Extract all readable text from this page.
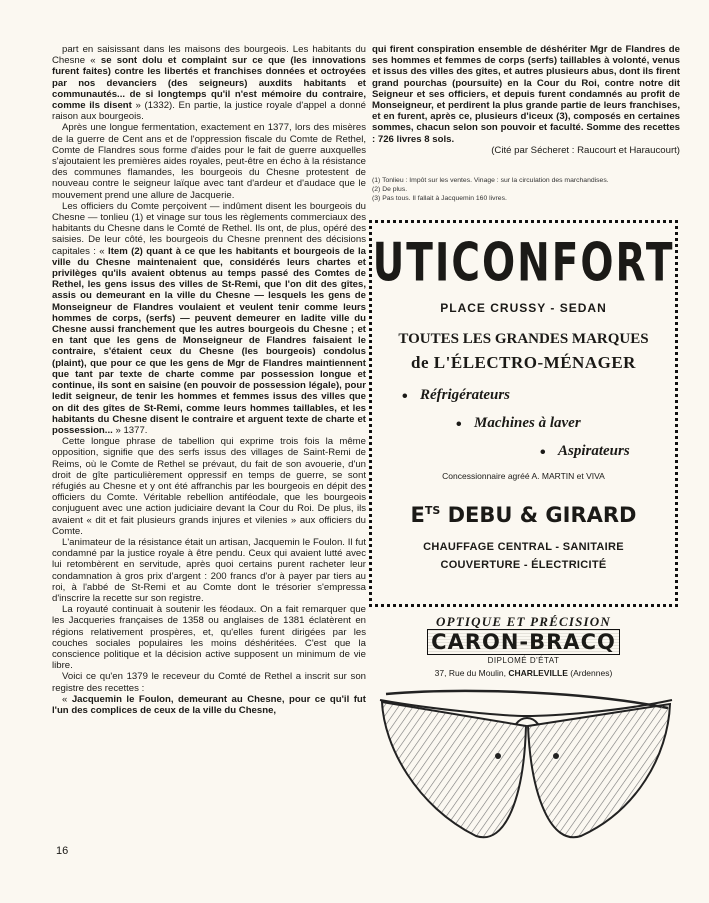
part en saisissant dans les maisons des bourgeois. Les habitants du Chesne « se sont dolu et complaint sur ce que (les innovations furent faites) contre les libertés et franchises données et octroyées par nos devanciers (des seigneurs) auxdits habitants et communautés... de si longtemps qu'il n'est mémoire du contraire, comme ils disent » (1332). En partie, la justice royale d'appel a donné raison aux bourgeois.

Après une longue fermentation, exactement en 1377, lors des misères de la guerre de Cent ans et de l'oppression fiscale du Comte de Rethel, Comte de Flandres sous forme d'aides pour le fait de guerre auxquelles s'ajoutaient les premières aides royales, peut-être en écho à la résistance des communes flamandes, les bourgeois du Chesne protestent de nouveau contre le seigneur laïque avec tant d'ardeur et d'audace que le mouvement prend une allure de Jacquerie.

Les officiers du Comte perçoivent — indûment disent les bourgeois du Chesne — tonlieu (1) et vinage sur tous les règlements commerciaux des habitants du Chesne dans le Comté de Rethel. Ils ont, de plus, opéré des saisies. De leur côté, les bourgeois du Chesne prennent des décisions capitales : « Item (2) quant à ce que les habitants et bourgeois de la ville du Chesne maintenaient que, considérés leurs chartes et privilèges qu'ils avaient obtenus au temps passé des Comtes de Rethel, les gens issus des villes de St-Remi, que l'on dit des gîtes, assis ou demeurant en la ville du Chesne — lesquels les gens de Monseigneur de Flandres voulaient et veulent tenir comme leurs hommes de corps, (serfs) — peuvent demeurer en ladite ville du Chesne aussi franchement que les autres bourgeois du Chesne ; et en tant que les gens de Monseigneur de Flandres faisaient le contraire, s'étaient ceux du Chesne (les bourgeois) condolus (plaint), que pour ce que les gens de Mgr de Flandres maintiennent que tant par texte de charte comme par possession longue et continue, ils sont en saisine (en pouvoir de possession légale), pour ledit seigneur, de tenir les hommes et femmes issus des villes que on dit des gîtes de St-Remi, comme leurs hommes taillables, et les habitants du Chesne disent le contraire et arguent texte de charte et possession... » 1377.

Cette longue phrase de tabellion qui exprime trois fois la même opposition, signifie que des serfs issus des villages de Saint-Remi de Reims, où le Comte de Rethel se prévaut, du fait de son avouerie, d'un droit de gîte particulièrement oppressif en temps de guerre, se sont réfugiés au Chesne et y ont été affranchis par les bourgeois en dépit des officiers du Comte. Véritable rebellion antiféodale, que les bourgeois conjuguent avec une action judiciaire devant la Cour du Roi. De plus, ils avaient « dit et fait plusieurs grands injures et vilenies » aux officiers du Comte.

L'animateur de la résistance était un artisan, Jacquemin le Foulon. Il fut condamné par la justice royale à être pendu. Ceux qui avaient lutté avec lui retombèrent en servitude, après quoi certains purent racheter leur condamnation à gros prix d'argent : 200 francs d'or à payer par tiers au roi, à l'abbé de St-Remi et au Comte dont le trésorier s'empressa d'inscrire la recette sur son registre.

La royauté continuait à soutenir les féodaux. On a fait remarquer que les Jacqueries françaises de 1358 ou anglaises de 1381 éclatèrent en régions relativement prospères, et, qu'elles furent dirigées par les couches sociales populaires les moins déshéritées. C'est que la conscience politique et la décision active supposent un minimum de vie libre.

Voici ce qu'en 1379 le receveur du Comté de Rethel a inscrit sur son registre des recettes :

« Jacquemin le Foulon, demeurant au Chesne, pour ce qu'il fut l'un des complices de ceux de la ville du Chesne,

qui firent conspiration ensemble de déshériter Mgr de Flandres de ses hommes et femmes de corps (serfs) taillables à volonté, venus et issus des villes des gîtes, et autres plusieurs abus, dont ils firent grand pourchas (poursuite) en la Cour du Roi, contre notre dit Seigneur et ses officiers, et depuis furent condamnés au profit de Monseigneur, et perdirent la plus grande partie de leurs franchises, et en furent, après ce, plusieurs d'iceux (3), composés en certaines sommes, chacun selon son pouvoir et faculté. Somme des recettes : 726 livres 8 sols.

(Cité par Sécheret : Raucourt et Haraucourt)

(1) Tonlieu : Impôt sur les ventes. Vinage : sur la circulation des marchandises.
(2) De plus.
(3) Pas tous. Il fallait à Jacquemin 160 livres.
UTICONFORT
PLACE CRUSSY - SEDAN
TOUTES LES GRANDES MARQUES
de L'ÉLECTRO-MÉNAGER
• Réfrigérateurs
• Machines à laver
• Aspirateurs
Concessionnaire agréé A. MARTIN et VIVA
$E^{TS}$ DEBU & GIRARD
CHAUFFAGE CENTRAL - SANITAIRE
COUVERTURE - ÉLECTRICITÉ
OPTIQUE ET PRÉCISION
CARON-BRACQ
DIPLOMÉ D'ÉTAT
37, Rue du Moulin, CHARLEVILLE (Ardennes)
16
